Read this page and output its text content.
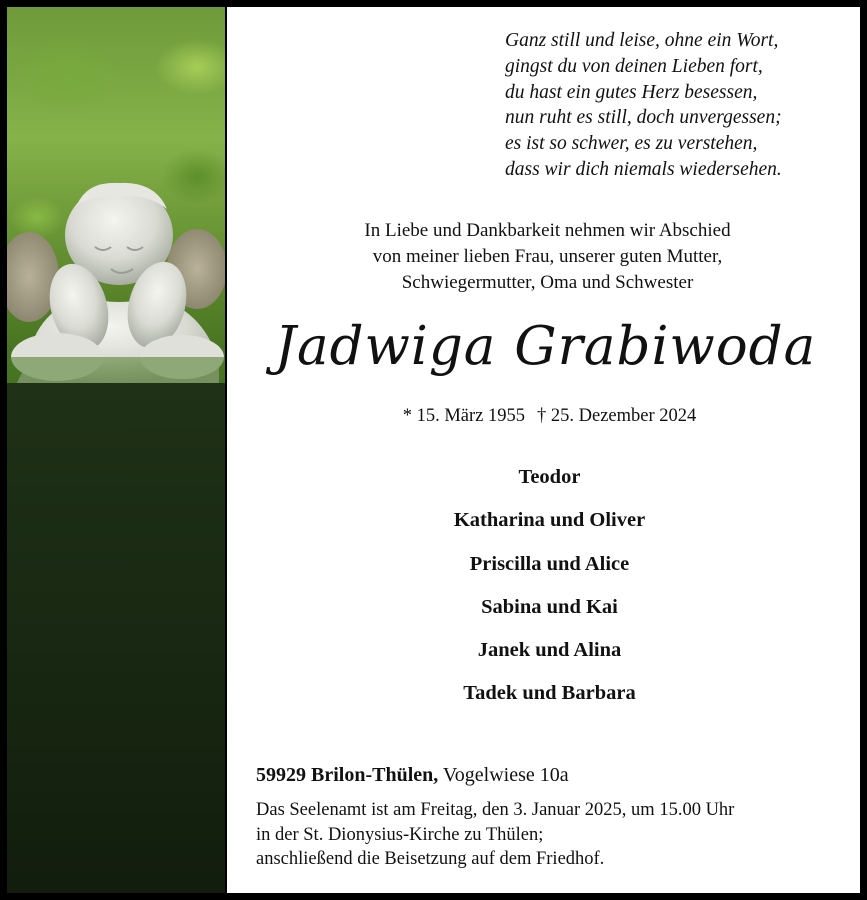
Ganz still und leise, ohne ein Wort,
gingst du von deinen Lieben fort,
du hast ein gutes Herz besessen,
nun ruht es still, doch unvergessen;
es ist so schwer, es zu verstehen,
dass wir dich niemals wiedersehen.
In Liebe und Dankbarkeit nehmen wir Abschied
von meiner lieben Frau, unserer guten Mutter,
Schwiegermutter, Oma und Schwester
Jadwiga Grabiwoda
* 15. März 1955 † 25. Dezember 2024
Teodor
Katharina und Oliver
Priscilla und Alice
Sabina und Kai
Janek und Alina
Tadek und Barbara
59929 Brilon-Thülen, Vogelwiese 10a
Das Seelenamt ist am Freitag, den 3. Januar 2025, um 15.00 Uhr
in der St. Dionysius-Kirche zu Thülen;
anschließend die Beisetzung auf dem Friedhof.
